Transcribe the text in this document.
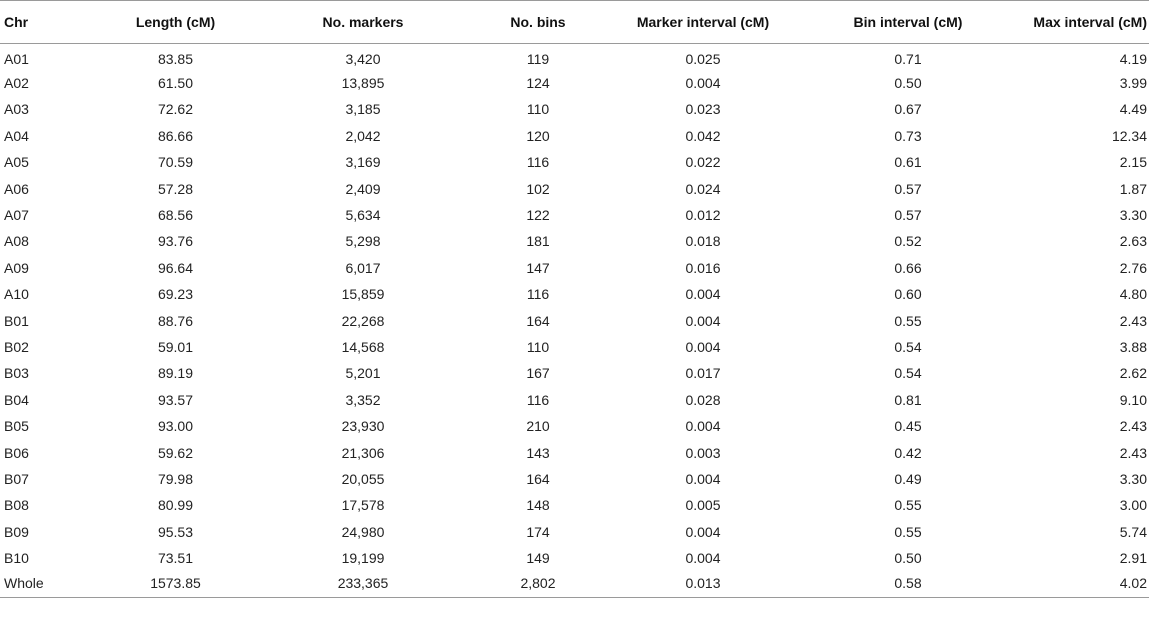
Chr	Length (cM)	No. markers	No. bins	Marker interval (cM)	Bin interval (cM)	Max interval (cM)
A01	83.85	3,420	119	0.025	0.71	4.19
A02	61.50	13,895	124	0.004	0.50	3.99
A03	72.62	3,185	110	0.023	0.67	4.49
A04	86.66	2,042	120	0.042	0.73	12.34
A05	70.59	3,169	116	0.022	0.61	2.15
A06	57.28	2,409	102	0.024	0.57	1.87
A07	68.56	5,634	122	0.012	0.57	3.30
A08	93.76	5,298	181	0.018	0.52	2.63
A09	96.64	6,017	147	0.016	0.66	2.76
A10	69.23	15,859	116	0.004	0.60	4.80
B01	88.76	22,268	164	0.004	0.55	2.43
B02	59.01	14,568	110	0.004	0.54	3.88
B03	89.19	5,201	167	0.017	0.54	2.62
B04	93.57	3,352	116	0.028	0.81	9.10
B05	93.00	23,930	210	0.004	0.45	2.43
B06	59.62	21,306	143	0.003	0.42	2.43
B07	79.98	20,055	164	0.004	0.49	3.30
B08	80.99	17,578	148	0.005	0.55	3.00
B09	95.53	24,980	174	0.004	0.55	5.74
B10	73.51	19,199	149	0.004	0.50	2.91
Whole	1573.85	233,365	2,802	0.013	0.58	4.02
